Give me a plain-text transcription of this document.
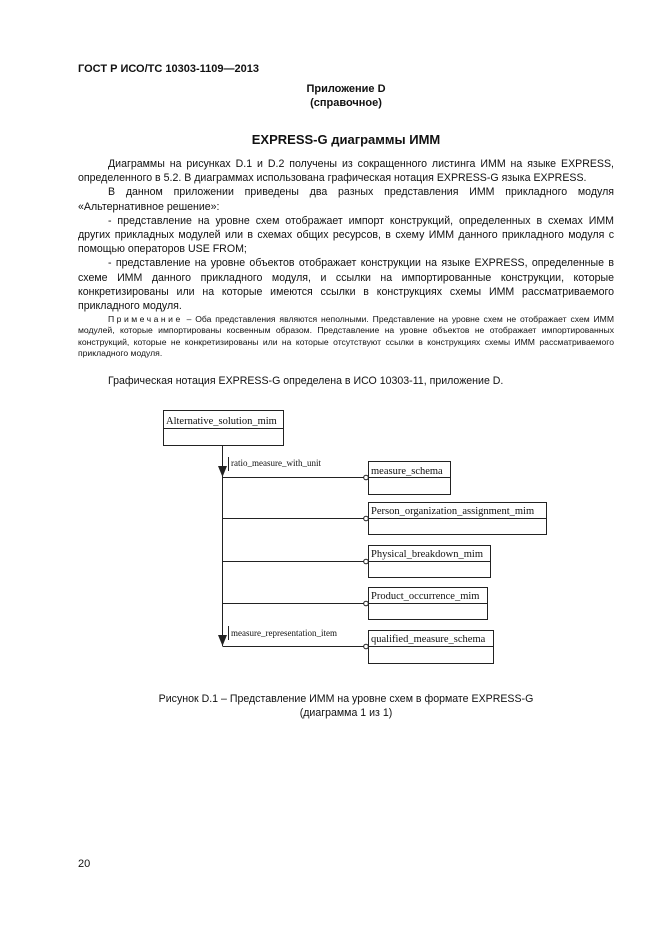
ГОСТ Р ИСО/ТС 10303-1109—2013
Приложение D
(справочное)
EXPRESS-G диаграммы ИММ

Диаграммы на рисунках D.1 и D.2 получены из сокращенного листинга ИММ на языке EXPRESS, определенного в 5.2. В диаграммах использована графическая нотация EXPRESS-G языка EXPRESS.

В данном приложении приведены два разных представления ИММ прикладного модуля «Альтернативное решение»:

- представление на уровне схем отображает импорт конструкций, определенных в схемах ИММ других прикладных модулей или в схемах общих ресурсов, в схему ИММ данного прикладного модуля с помощью операторов USE FROM;

- представление на уровне объектов отображает конструкции на языке EXPRESS, определенные в схеме ИММ данного прикладного модуля, и ссылки на импортированные конструкции, которые конкретизированы или на которые имеются ссылки в конструкциях схемы ИММ рассматриваемого прикладного модуля.

Примечание – Оба представления являются неполными. Представление на уровне схем не отображает схем ИММ модулей, которые импортированы косвенным образом. Представление на уровне объектов не отображает импортированных конструкций, которые не конкретизированы или на которые отсутствуют ссылки в конструкциях схемы ИММ рассматриваемого прикладного модуля.

Графическая нотация EXPRESS-G определена в ИСО 10303-11, приложение D.
Alternative_solution_mim
measure_schema
Person_organization_assignment_mim
Physical_breakdown_mim
Product_occurrence_mim
qualified_measure_schema
ratio_measure_with_unit
measure_representation_item
Рисунок D.1 – Представление ИММ на уровне схем в формате EXPRESS-G
(диаграмма 1 из 1)
20
